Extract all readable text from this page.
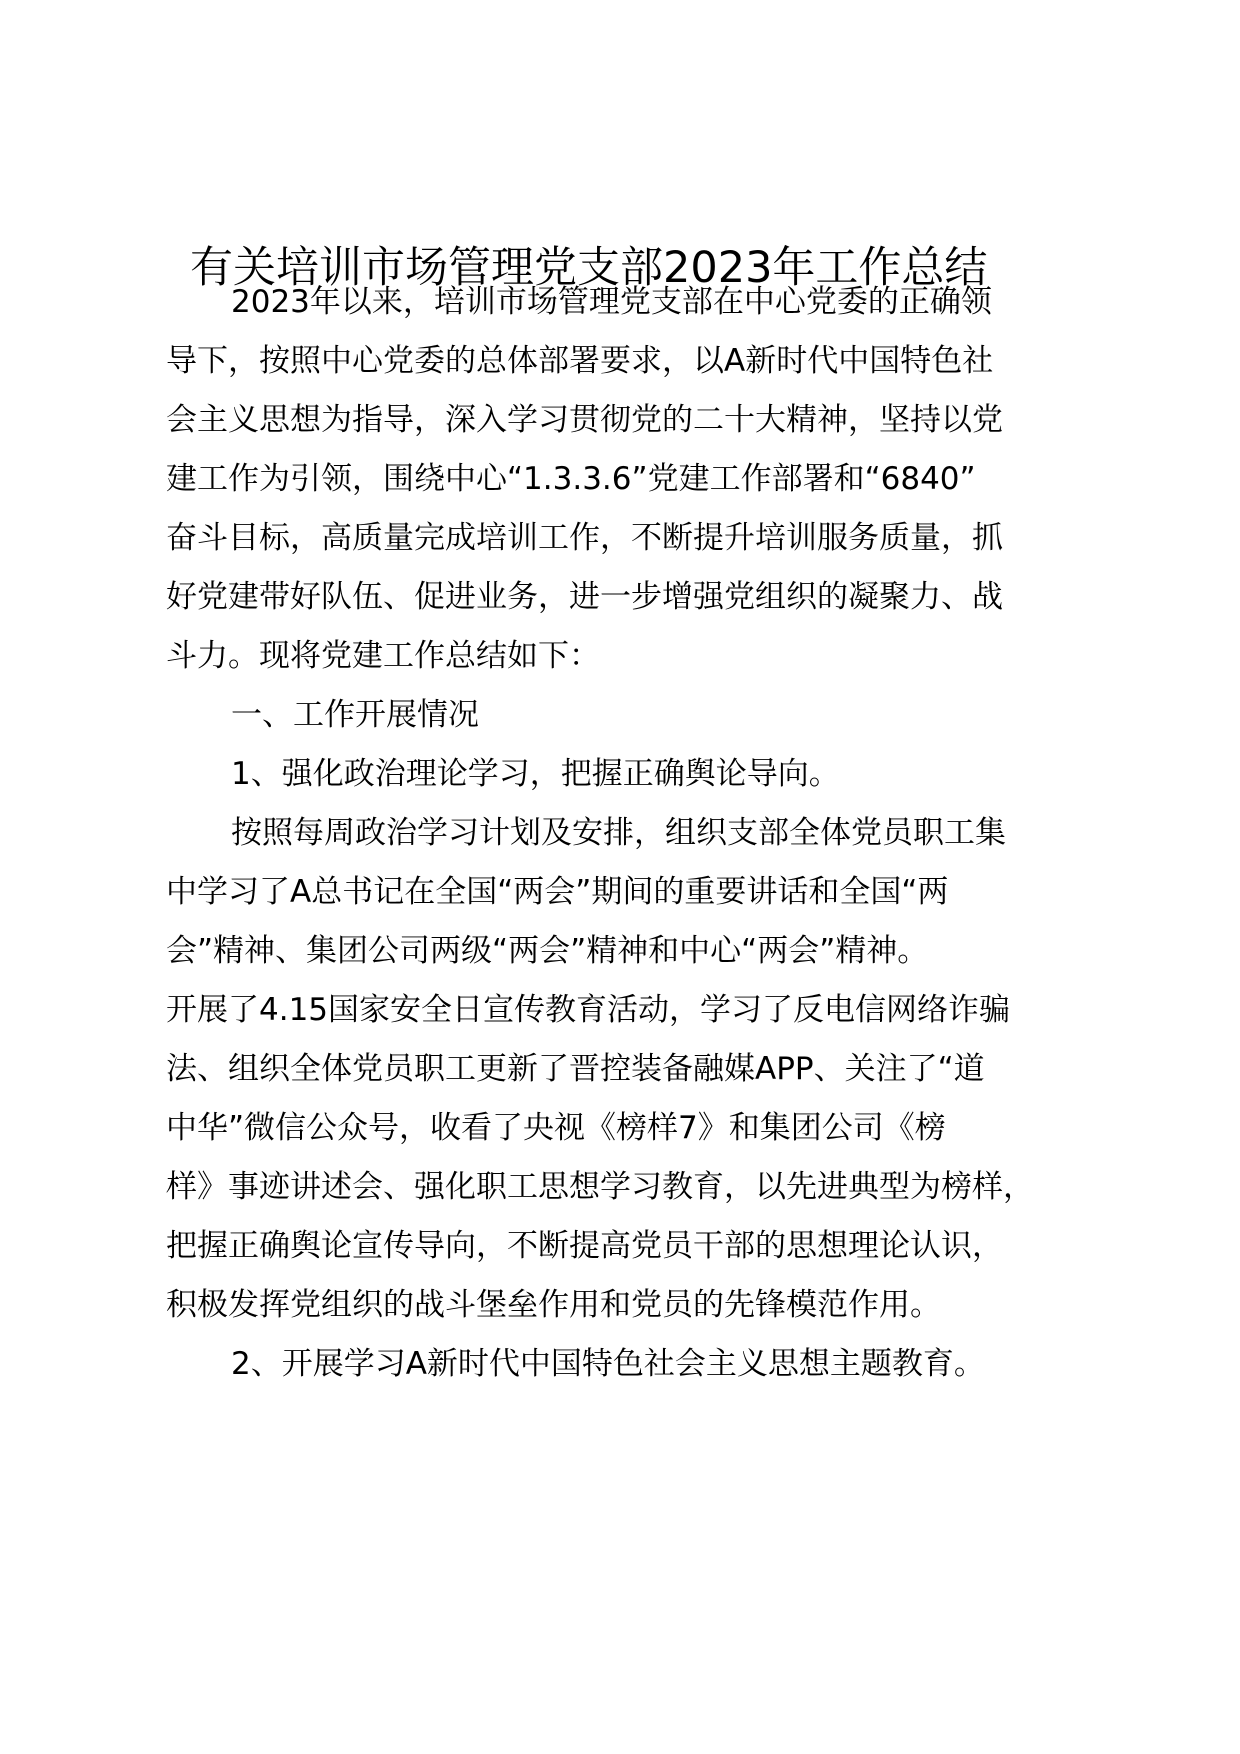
有关培训市场管理党支部2023年工作总结

2023年以来，培训市场管理党支部在中心党委的正确领

导下，按照中心党委的总体部署要求，以A新时代中国特色社

会主义思想为指导，深入学习贯彻党的二十大精神，坚持以党

建工作为引领，围绕中心“1.3.3.6”党建工作部署和“6840”

奋斗目标，高质量完成培训工作，不断提升培训服务质量，抓

好党建带好队伍、促进业务，进一步增强党组织的凝聚力、战

斗力。现将党建工作总结如下：

一、工作开展情况

1、强化政治理论学习，把握正确舆论导向。

按照每周政治学习计划及安排，组织支部全体党员职工集

中学习了A总书记在全国“两会”期间的重要讲话和全国“两

会”精神、集团公司两级“两会”精神和中心“两会”精神。

开展了4.15国家安全日宣传教育活动，学习了反电信网络诈骗

法、组织全体党员职工更新了晋控装备融媒APP、关注了“道

中华”微信公众号，收看了央视《榜样7》和集团公司《榜

样》事迹讲述会、强化职工思想学习教育，以先进典型为榜样，

把握正确舆论宣传导向，不断提高党员干部的思想理论认识，

积极发挥党组织的战斗堡垒作用和党员的先锋模范作用。

2、开展学习A新时代中国特色社会主义思想主题教育。
